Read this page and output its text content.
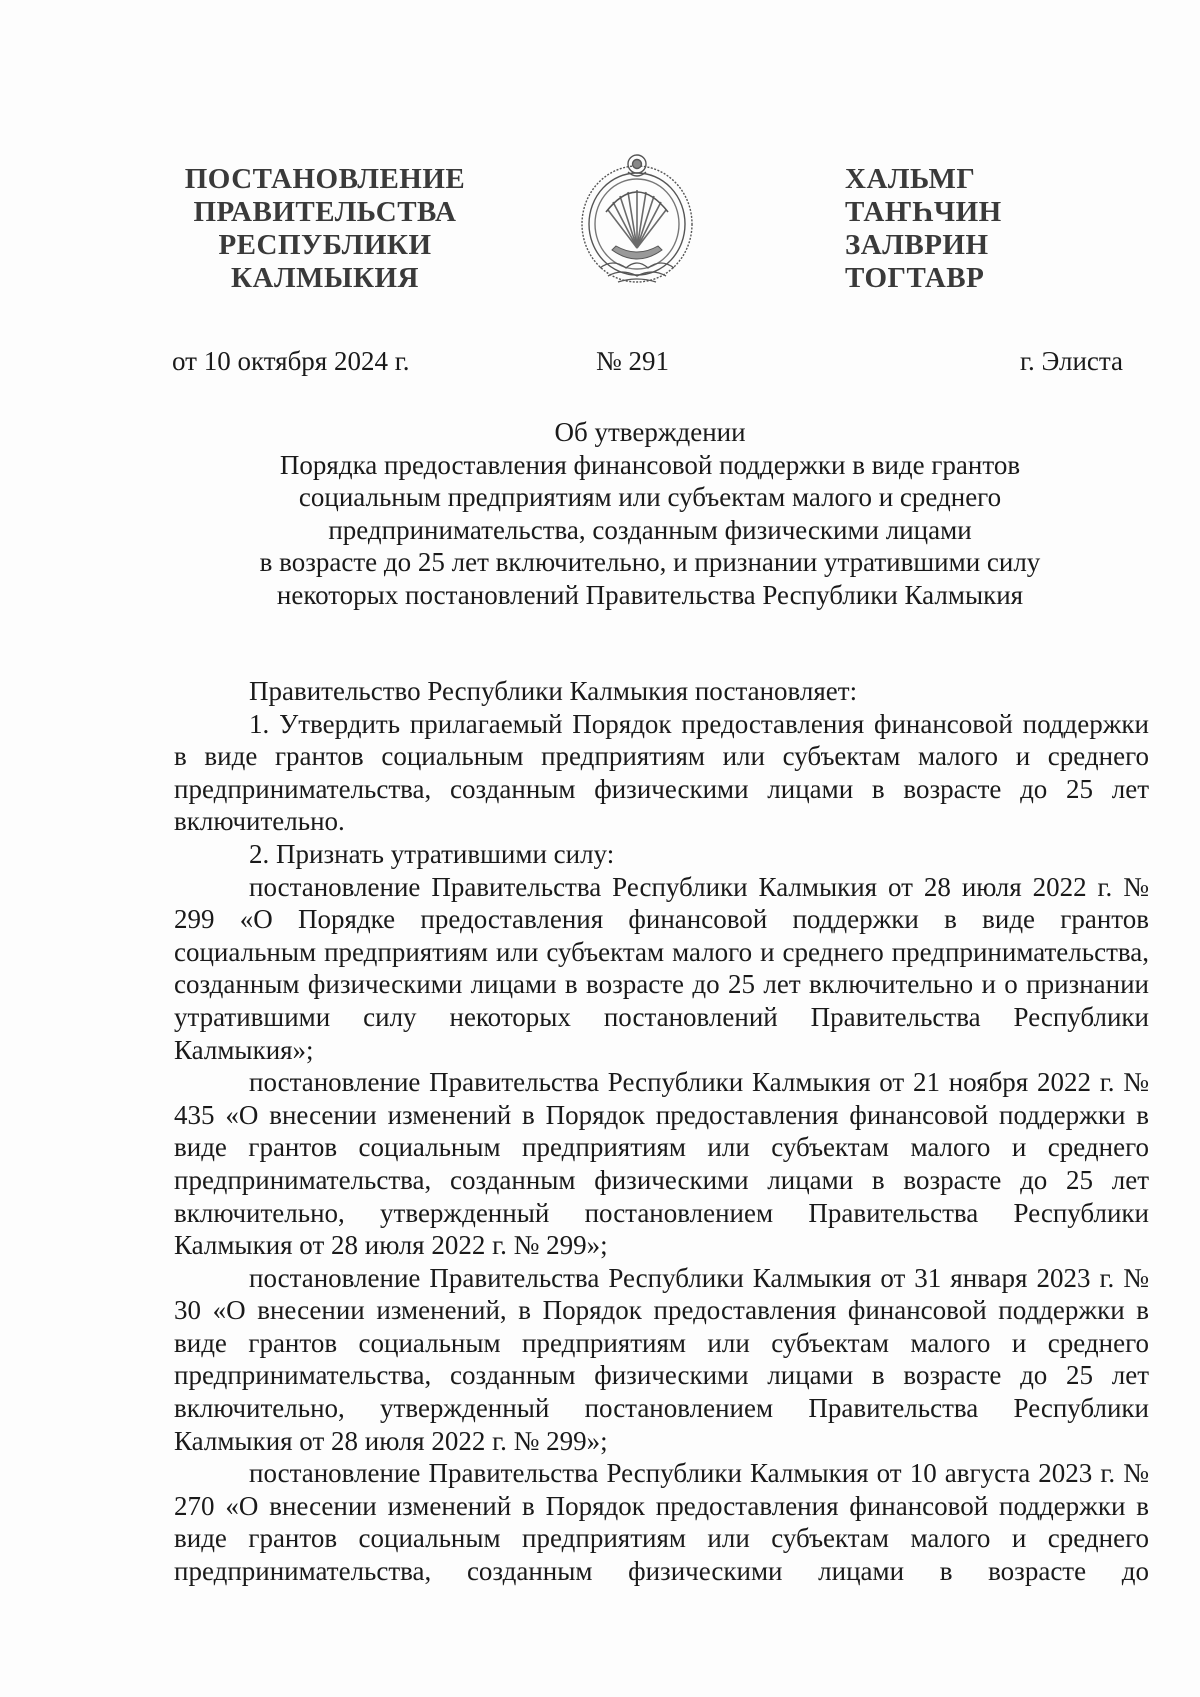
ПОСТАНОВЛЕНИЕ
ПРАВИТЕЛЬСТВА
РЕСПУБЛИКИ
КАЛМЫКИЯ
ХАЛЬМГ
ТАҤҺЧИН
ЗАЛВРИН
ТОГТАВР
от 10 октября 2024 г.	№ 291	г. Элиста
Об утверждении
Порядка предоставления финансовой поддержки в виде грантов
социальным предприятиям или субъектам малого и среднего
предпринимательства, созданным физическими лицами
в возрасте до 25 лет включительно, и признании утратившими силу
некоторых постановлений Правительства Республики Калмыкия

Правительство Республики Калмыкия постановляет:

1. Утвердить прилагаемый Порядок предоставления финансовой поддержки в виде грантов социальным предприятиям или субъектам малого и среднего предпринимательства, созданным физическими лицами в возрасте до 25 лет включительно.

2. Признать утратившими силу:

постановление Правительства Республики Калмыкия от 28 июля 2022 г. № 299 «О Порядке предоставления финансовой поддержки в виде грантов социальным предприятиям или субъектам малого и среднего предпринимательства, созданным физическими лицами в возрасте до 25 лет включительно и о признании утратившими силу некоторых постановлений Правительства Республики Калмыкия»;

постановление Правительства Республики Калмыкия от 21 ноября 2022 г. № 435 «О внесении изменений в Порядок предоставления финансовой поддержки в виде грантов социальным предприятиям или субъектам малого и среднего предпринимательства, созданным физическими лицами в возрасте до 25 лет включительно, утвержденный постановлением Правительства Республики Калмыкия от 28 июля 2022 г. № 299»;

постановление Правительства Республики Калмыкия от 31 января 2023 г. № 30 «О внесении изменений, в Порядок предоставления финансовой поддержки в виде грантов социальным предприятиям или субъектам малого и среднего предпринимательства, созданным физическими лицами в возрасте до 25 лет включительно, утвержденный постановлением Правительства Республики Калмыкия от 28 июля 2022 г. № 299»;

постановление Правительства Республики Калмыкия от 10 августа 2023 г. № 270 «О внесении изменений в Порядок предоставления финансовой поддержки в виде грантов социальным предприятиям или субъектам малого и среднего предпринимательства, созданным физическими лицами в возрасте до
